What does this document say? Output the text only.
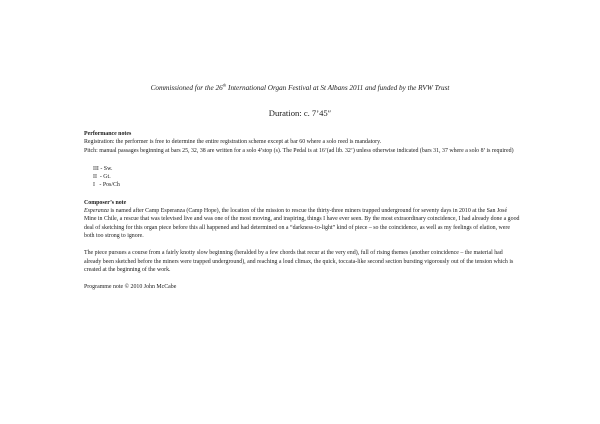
Commissioned for the 26th International Organ Festival at St Albans 2011 and funded by the RVW Trust
Duration: c. 7’45″

Performance notes

Registration: the performer is free to determine the entire registration scheme except at bar 60 where a solo reed is mandatory.

Pitch: manual passages beginning at bars 25, 32, 38 are written for a solo 4’stop (s). The Pedal is at 16’(ad lib. 32’) unless otherwise indicated (bars 31, 37 where a solo 8’ is required)

III - Sw.
II  - Gt.
I   - Pos/Ch

Composer’s note

Esperanza is named after Camp Esperanza (Camp Hope), the location of the mission to rescue the thirty-three miners trapped underground for seventy days in 2010 at the San José Mine in Chile, a rescue that was televised live and was one of the most moving, and inspiring, things I have ever seen. By the most extraordinary coincidence, I had already done a good deal of sketching for this organ piece before this all happened and had determined on a “darkness-to-light” kind of piece – so the coincidence, as well as my feelings of elation, were both too strong to ignore.

The piece pursues a course from a fairly knotty slow beginning (heralded by a few chords that recur at the very end), full of rising themes (another coincidence – the material had already been sketched before the miners were trapped underground), and reaching a loud climax, the quick, toccata-like second section bursting vigorously out of the tension which is created at the beginning of the work.

Programme note © 2010 John McCabe
